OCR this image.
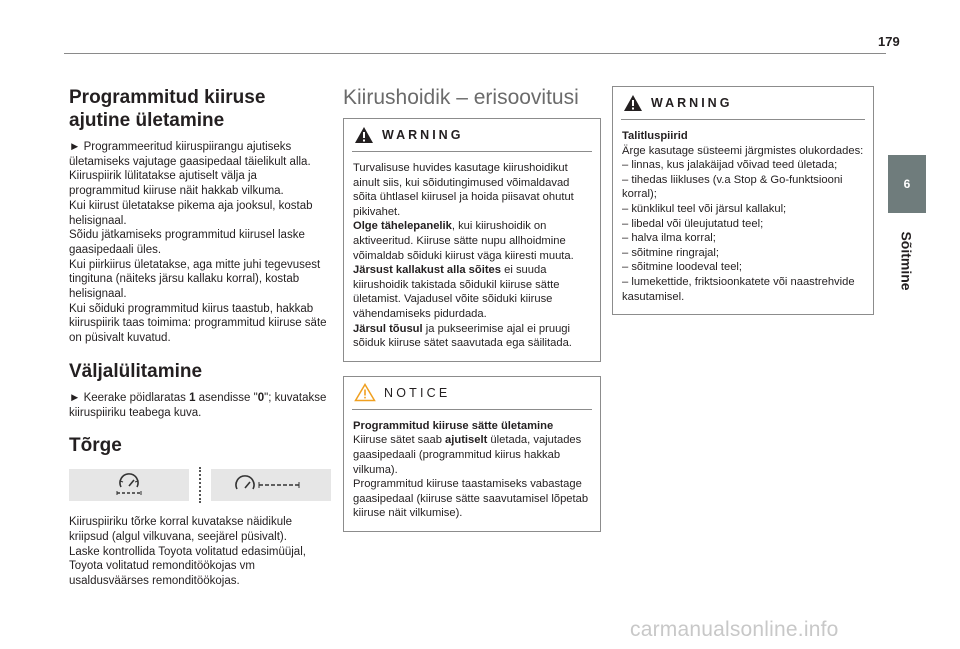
179
6
Sõitmine
Programmitud kiiruse ajutine ületamine

► Programmeeritud kiiruspiirangu ajutiseks ületamiseks vajutage gaasipedaal täielikult alla.

Kiiruspiirik lülitatakse ajutiselt välja ja programmitud kiiruse näit hakkab vilkuma.

Kui kiirust ületatakse pikema aja jooksul, kostab helisignaal.

Sõidu jätkamiseks programmitud kiirusel laske gaasipedaali üles.

Kui piirkiirus ületatakse, aga mitte juhi tegevusest tingituna (näiteks järsu kallaku korral), kostab helisignaal.

Kui sõiduki programmitud kiirus taastub, hakkab kiiruspiirik taas toimima: programmitud kiiruse säte on püsivalt kuvatud.

Väljalülitamine

► Keerake pöidlaratas 1 asendisse "0"; kuvatakse kiiruspiiriku teabega kuva.

Tõrge

Kiiruspiiriku tõrke korral kuvatakse näidikule kriipsud (algul vilkuvana, seejärel püsivalt).

Laske kontrollida Toyota volitatud edasimüüjal, Toyota volitatud remonditöökojas vm usaldusväärses remonditöökojas.

Kiirushoidik – erisoovitusi
WARNING

Turvalisuse huvides kasutage kiirushoidikut ainult siis, kui sõidutingimused võimaldavad sõita ühtlasel kiirusel ja hoida piisavat ohutut pikivahet.

Olge tähelepanelik, kui kiirushoidik on aktiveeritud. Kiiruse sätte nupu allhoidmine võimaldab sõiduki kiirust väga kiiresti muuta.

Järsust kallakust alla sõites ei suuda kiirushoidik takistada sõidukil kiiruse sätte ületamist. Vajadusel võite sõiduki kiiruse vähendamiseks pidurdada.

Järsul tõusul ja pukseerimise ajal ei pruugi sõiduk kiiruse sätet saavutada ega säilitada.

NOTICE

Programmitud kiiruse sätte ületamine

Kiiruse sätet saab ajutiselt ületada, vajutades gaasipedaali (programmitud kiirus hakkab vilkuma).

Programmitud kiiruse taastamiseks vabastage gaasipedaal (kiiruse sätte saavutamisel lõpetab kiiruse näit vilkumise).

WARNING

Talitluspiirid

Ärge kasutage süsteemi järgmistes olukordades:

– linnas, kus jalakäijad võivad teed ületada;

– tihedas liikluses (v.a Stop & Go-funktsiooni korral);

– künklikul teel või järsul kallakul;

– libedal või üleujutatud teel;

– halva ilma korral;

– sõitmine ringrajal;

– sõitmine loodeval teel;

– lumekettide, friktsioonkatete või naastrehvide kasutamisel.

carmanualsonline.info
